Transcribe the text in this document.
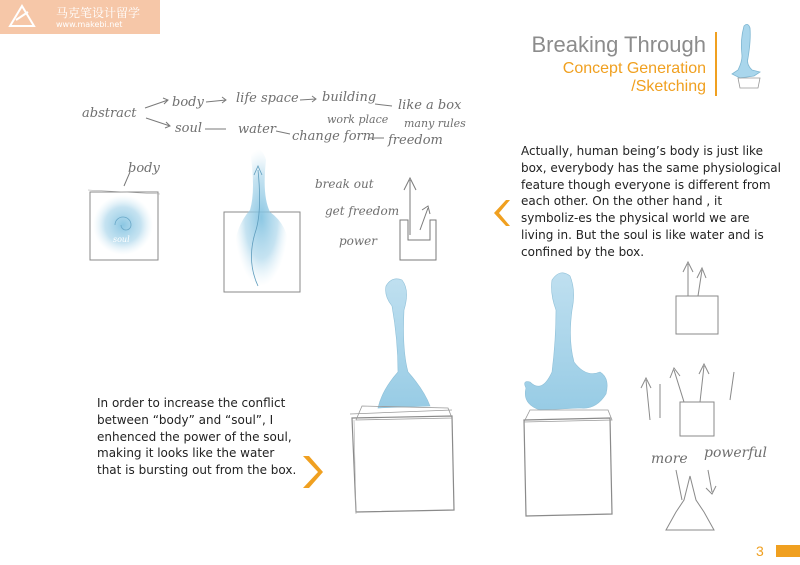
马克笔设计留学
www.makebi.net
Breaking Through
Concept Generation
/Sketching
abstract
body
soul
life space building
work place
like a box
many rules
water change form freedom
body
break out
get freedom
power
more powerful
soul
Actually, human being’s body is just like box, everybody has the same physiological feature though everyone is different from each other. On the other hand , it symboliz-es the physical world we are living in. But the soul is like water and is confined by the box.
In order to increase the conflict between “body” and “soul”, I enhenced the power of the soul, making it looks like the water that is bursting out from the box.
3
